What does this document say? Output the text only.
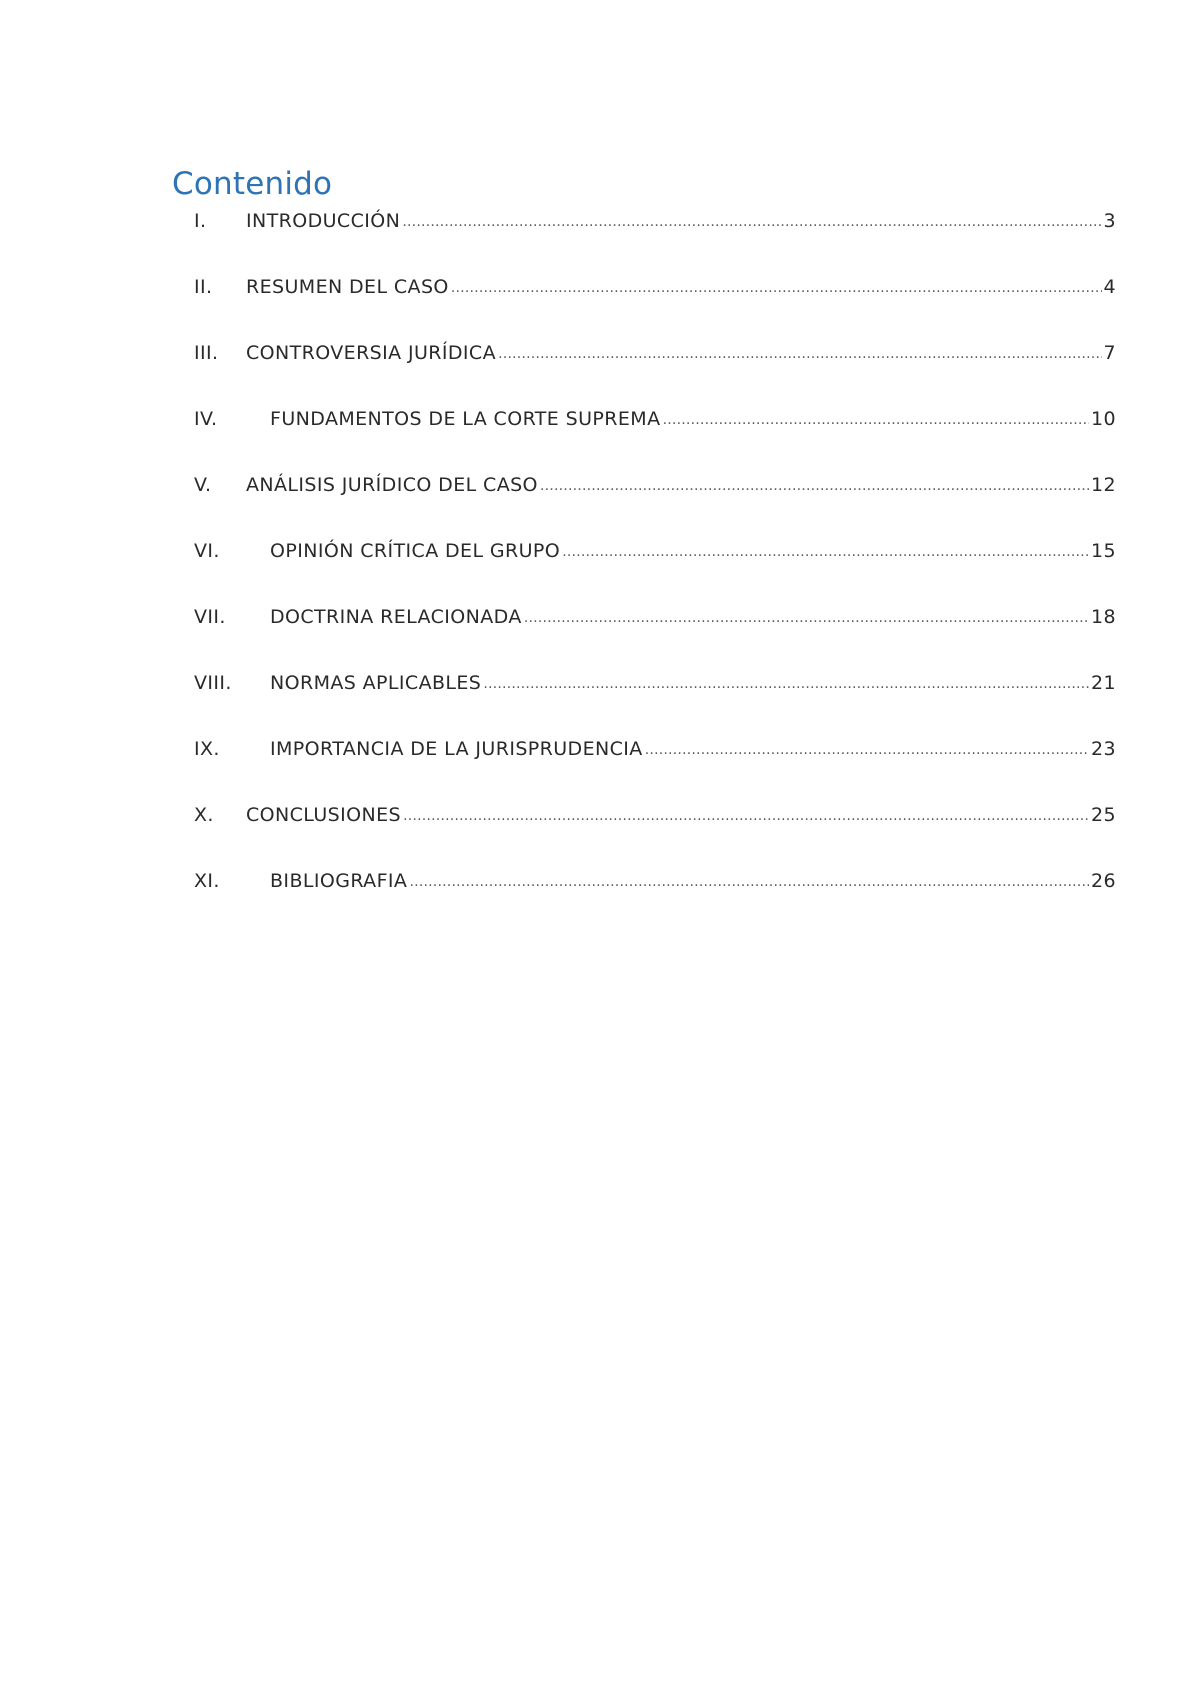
Contenido
I.	INTRODUCCIÓN …………………………………………………………………………………………………………………………………………………………………………………………………………………………………………………………………………………	3
II.	RESUMEN DEL CASO …………………………………………………………………………………………………………………………………………………………………………………………………………………………………………………………………………………	4
III.	CONTROVERSIA JURÍDICA …………………………………………………………………………………………………………………………………………………………………………………………………………………………………………………………………………………	7
IV.	FUNDAMENTOS DE LA CORTE SUPREMA …………………………………………………………………………………………………………………………………………………………………………………………………………………………………………………………………………………	10
V.	ANÁLISIS JURÍDICO DEL CASO …………………………………………………………………………………………………………………………………………………………………………………………………………………………………………………………………………………	12
VI.	OPINIÓN CRÍTICA DEL GRUPO …………………………………………………………………………………………………………………………………………………………………………………………………………………………………………………………………………………	15
VII.	DOCTRINA RELACIONADA …………………………………………………………………………………………………………………………………………………………………………………………………………………………………………………………………………………	18
VIII.	NORMAS APLICABLES …………………………………………………………………………………………………………………………………………………………………………………………………………………………………………………………………………………	21
IX.	IMPORTANCIA DE LA JURISPRUDENCIA …………………………………………………………………………………………………………………………………………………………………………………………………………………………………………………………………………………	23
X.	CONCLUSIONES …………………………………………………………………………………………………………………………………………………………………………………………………………………………………………………………………………………	25
XI.	BIBLIOGRAFIA …………………………………………………………………………………………………………………………………………………………………………………………………………………………………………………………………………………	26
